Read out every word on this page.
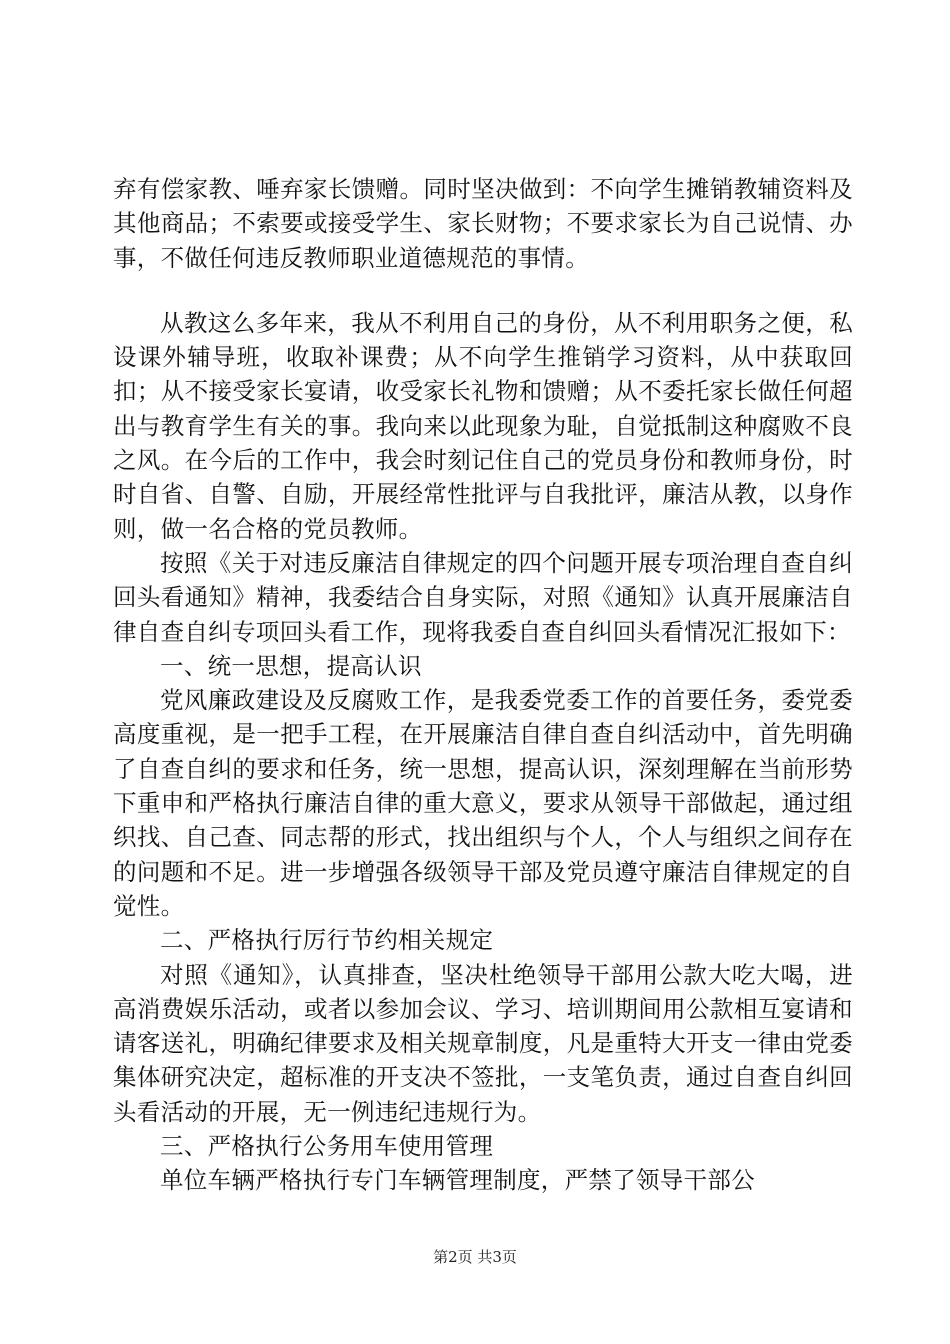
弃有偿家教、唾弃家长馈赠。同时坚决做到：不向学生摊销教辅资料及其他商品；不索要或接受学生、家长财物；不要求家长为自己说情、办事，不做任何违反教师职业道德规范的事情。

从教这么多年来，我从不利用自己的身份，从不利用职务之便，私设课外辅导班，收取补课费；从不向学生推销学习资料，从中获取回扣；从不接受家长宴请，收受家长礼物和馈赠；从不委托家长做任何超出与教育学生有关的事。我向来以此现象为耻，自觉抵制这种腐败不良之风。在今后的工作中，我会时刻记住自己的党员身份和教师身份，时时自省、自警、自励，开展经常性批评与自我批评，廉洁从教，以身作则，做一名合格的党员教师。

按照《关于对违反廉洁自律规定的四个问题开展专项治理自查自纠回头看通知》精神，我委结合自身实际，对照《通知》认真开展廉洁自律自查自纠专项回头看工作，现将我委自查自纠回头看情况汇报如下：

一、统一思想，提高认识

党风廉政建设及反腐败工作，是我委党委工作的首要任务，委党委高度重视，是一把手工程，在开展廉洁自律自查自纠活动中，首先明确了自查自纠的要求和任务，统一思想，提高认识，深刻理解在当前形势下重申和严格执行廉洁自律的重大意义，要求从领导干部做起，通过组织找、自己查、同志帮的形式，找出组织与个人，个人与组织之间存在的问题和不足。进一步增强各级领导干部及党员遵守廉洁自律规定的自觉性。

二、严格执行厉行节约相关规定

对照《通知》，认真排查，坚决杜绝领导干部用公款大吃大喝，进高消费娱乐活动，或者以参加会议、学习、培训期间用公款相互宴请和请客送礼，明确纪律要求及相关规章制度，凡是重特大开支一律由党委集体研究决定，超标准的开支决不签批，一支笔负责，通过自查自纠回头看活动的开展，无一例违纪违规行为。

三、严格执行公务用车使用管理

单位车辆严格执行专门车辆管理制度，严禁了领导干部公

第2页 共3页
